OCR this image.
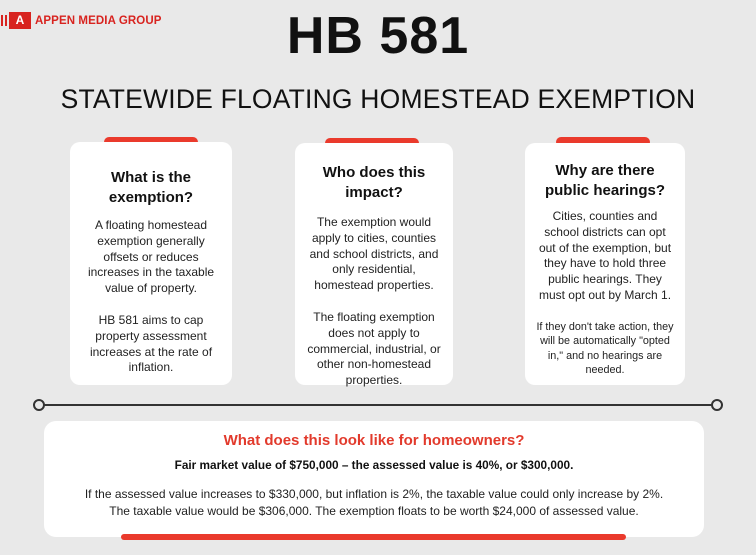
A APPEN MEDIA GROUP	HB 581
STATEWIDE FLOATING HOMESTEAD EXEMPTION
What is the
exemption?

A floating homestead exemption generally offsets or reduces increases in the taxable value of property.

HB 581 aims to cap property assessment increases at the rate of inflation.

Who does this
impact?

The exemption would apply to cities, counties and school districts, and only residential, homestead properties.

The floating exemption does not apply to commercial, industrial, or other non-homestead properties.

Why are there
public hearings?

Cities, counties and school districts can opt out of the exemption, but they have to hold three public hearings. They must opt out by March 1.

If they don't take action, they will be automatically "opted in," and no hearings are needed.

What does this look like for homeowners?
Fair market value of $750,000 – the assessed value is 40%, or $300,000.
If the assessed value increases to $330,000, but inflation is 2%, the taxable value could only increase by 2%.
The taxable value would be $306,000. The exemption floats to be worth $24,000 of assessed value.
